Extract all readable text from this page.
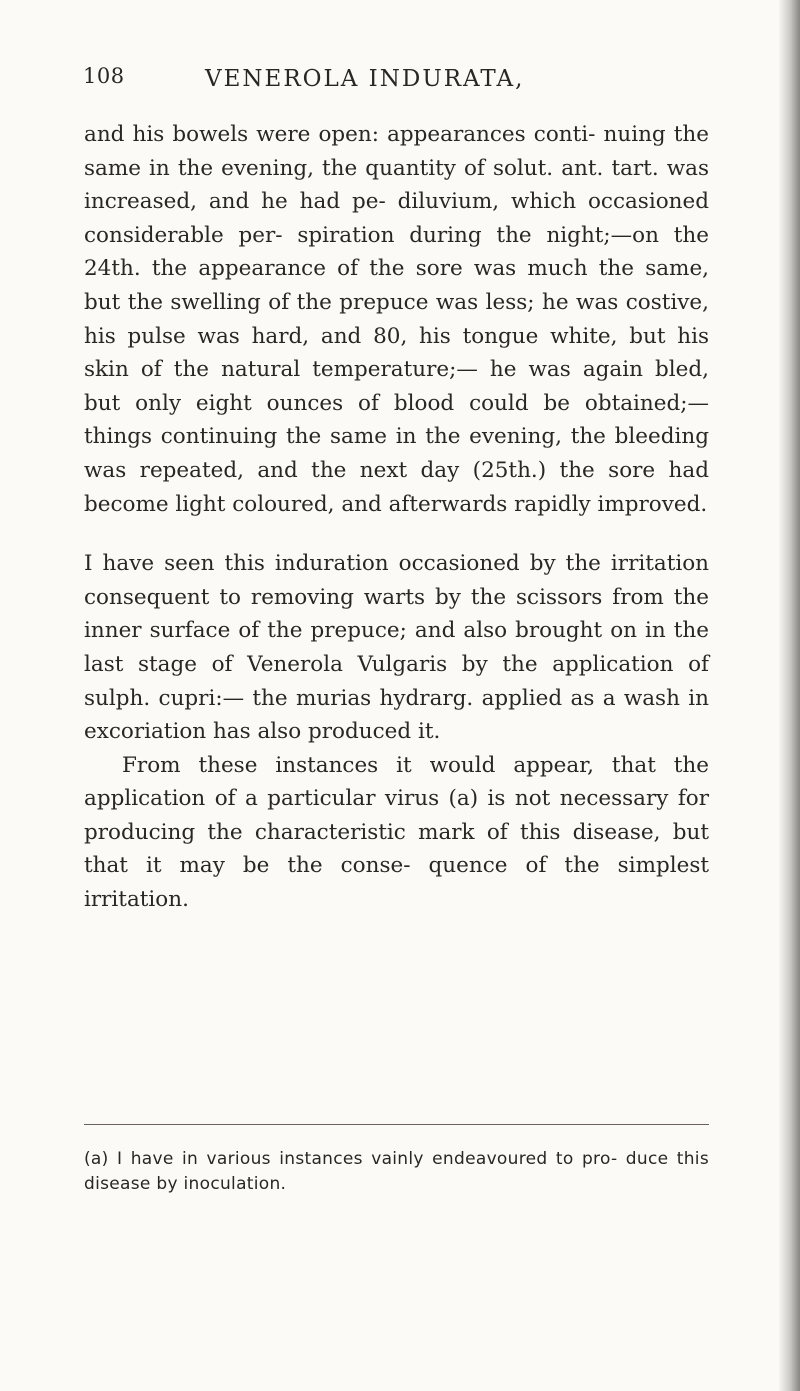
108	VENEROLA INDURATA,

and his bowels were open: appearances conti- nuing the same in the evening, the quantity of solut. ant. tart. was increased, and he had pe- diluvium, which occasioned considerable per- spiration during the night;—on the 24th. the appearance of the sore was much the same, but the swelling of the prepuce was less; he was costive, his pulse was hard, and 80, his tongue white, but his skin of the natural temperature;— he was again bled, but only eight ounces of blood could be obtained;—things continuing the same in the evening, the bleeding was repeated, and the next day (25th.) the sore had become light coloured, and afterwards rapidly improved.

I have seen this induration occasioned by the irritation consequent to removing warts by the scissors from the inner surface of the prepuce; and also brought on in the last stage of Venerola Vulgaris by the application of sulph. cupri:— the murias hydrarg. applied as a wash in excoriation has also produced it.

From these instances it would appear, that the application of a particular virus (a) is not necessary for producing the characteristic mark of this disease, but that it may be the conse- quence of the simplest irritation.

(a) I have in various instances vainly endeavoured to pro- duce this disease by inoculation.
